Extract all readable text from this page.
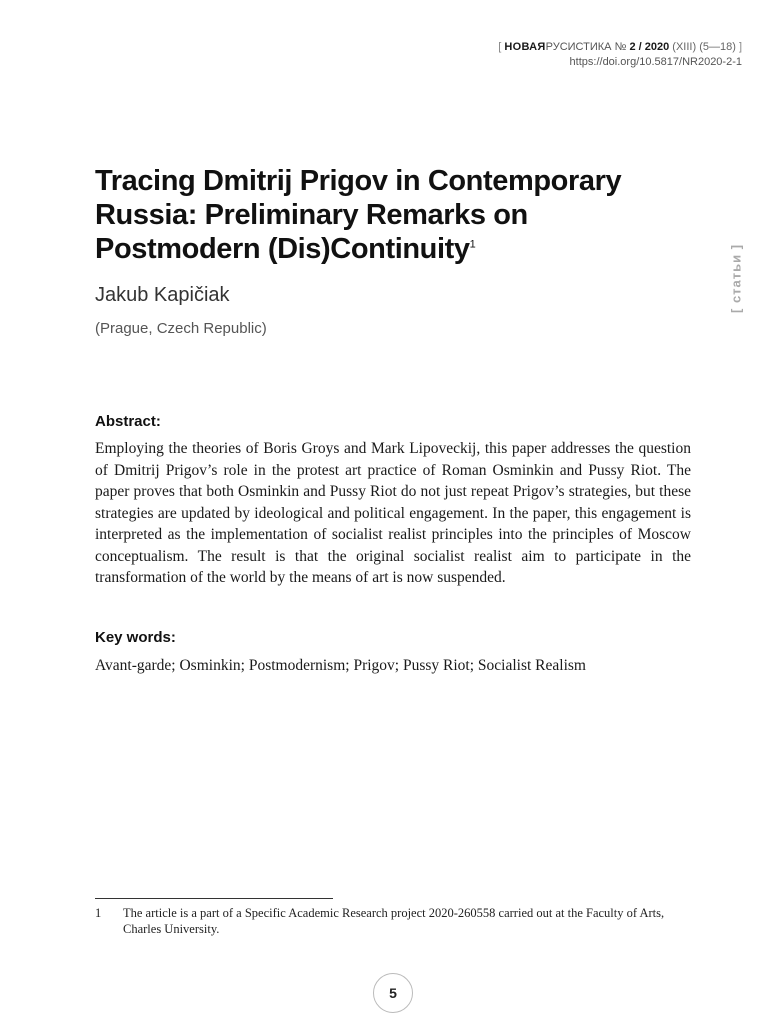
[ НОВАЯРУСИСТИКА № 2 / 2020 (XIII) (5—18) ]
https://doi.org/10.5817/NR2020-2-1
[ статьи ]
Tracing Dmitrij Prigov in Contemporary Russia: Preliminary Remarks on Postmodern (Dis)Continuity$^1$
Jakub Kapičiak
(Prague, Czech Republic)
Abstract:

Employing the theories of Boris Groys and Mark Lipoveckij, this paper addresses the question of Dmitrij Prigov’s role in the protest art practice of Roman Osminkin and Pussy Riot. The paper proves that both Osminkin and Pussy Riot do not just repeat Prigov’s strategies, but these strategies are updated by ideological and political engagement. In the paper, this engagement is interpreted as the implementation of socialist realist principles into the principles of Moscow conceptualism. The result is that the original socialist realist aim to participate in the transformation of the world by the means of art is now suspended.

Key words:

Avant-garde; Osminkin; Postmodernism; Prigov; Pussy Riot; Socialist Realism

1	The article is a part of a Specific Academic Research project 2020-260558 carried out at the Faculty of Arts, Charles University.
5
